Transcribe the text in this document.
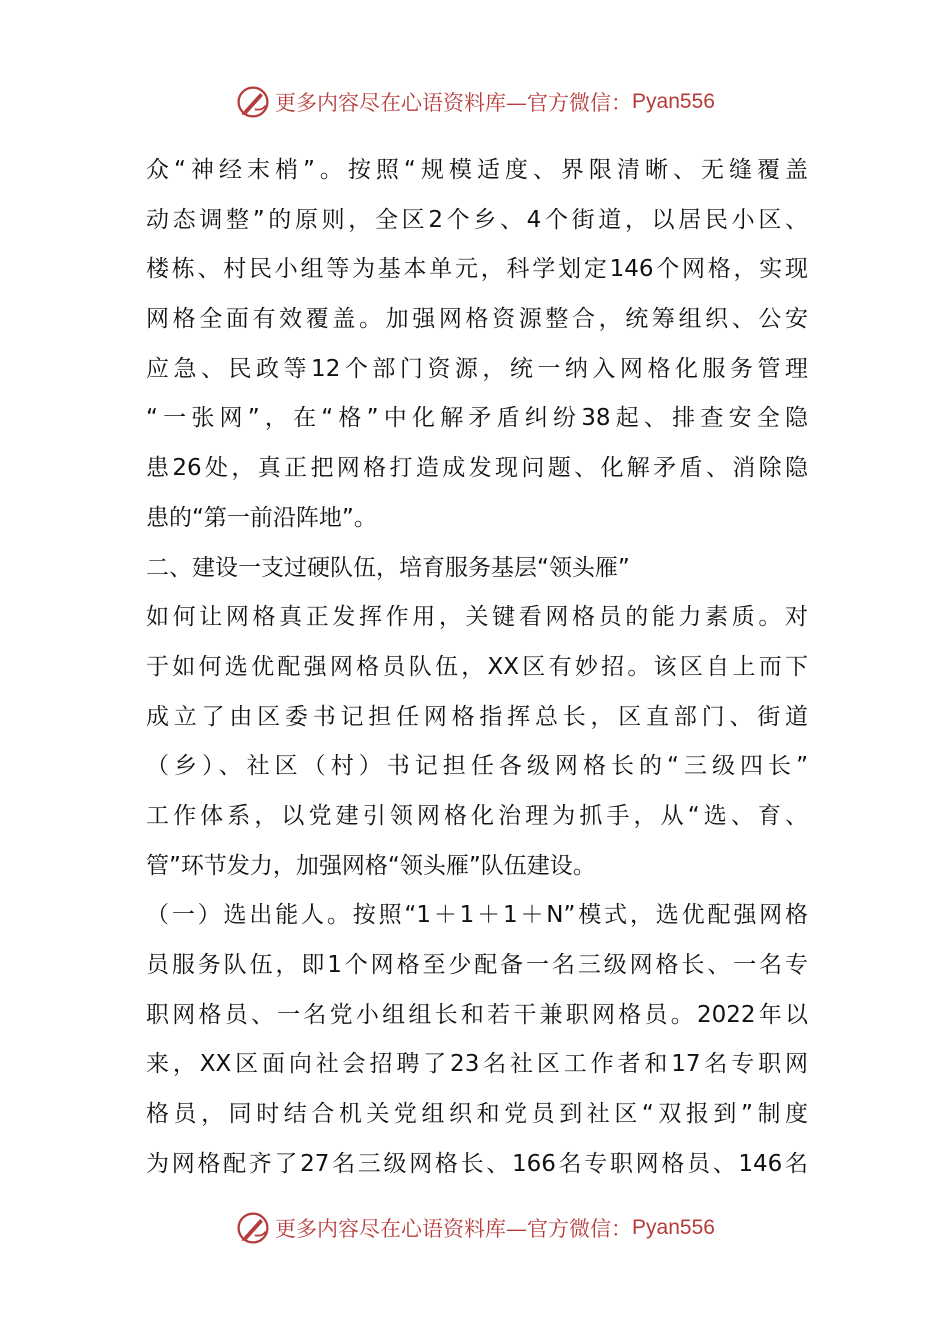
更多内容尽在心语资料库—官方微信： Pyan556
众“神经末梢”。按照“规模适度、界限清晰、无缝覆盖
动态调整”的原则，全区2个乡、4个街道，以居民小区、
楼栋、村民小组等为基本单元，科学划定146个网格，实现
网格全面有效覆盖。加强网格资源整合，统筹组织、公安
应急、民政等12个部门资源，统一纳入网格化服务管理
“一张网”，在“格”中化解矛盾纠纷38起、排查安全隐
患26处，真正把网格打造成发现问题、化解矛盾、消除隐
患的“第一前沿阵地”。
二、建设一支过硬队伍，培育服务基层“领头雁”
如何让网格真正发挥作用，关键看网格员的能力素质。对
于如何选优配强网格员队伍，XX区有妙招。该区自上而下
成立了由区委书记担任网格指挥总长，区直部门、街道
（乡）、社区（村）书记担任各级网格长的“三级四长”
工作体系，以党建引领网格化治理为抓手，从“选、育、
管”环节发力，加强网格“领头雁”队伍建设。
（一）选出能人。按照“1＋1＋1＋N”模式，选优配强网格
员服务队伍，即1个网格至少配备一名三级网格长、一名专
职网格员、一名党小组组长和若干兼职网格员。2022年以
来，XX区面向社会招聘了23名社区工作者和17名专职网
格员，同时结合机关党组织和党员到社区“双报到”制度
为网格配齐了27名三级网格长、166名专职网格员、146名
更多内容尽在心语资料库—官方微信： Pyan556
